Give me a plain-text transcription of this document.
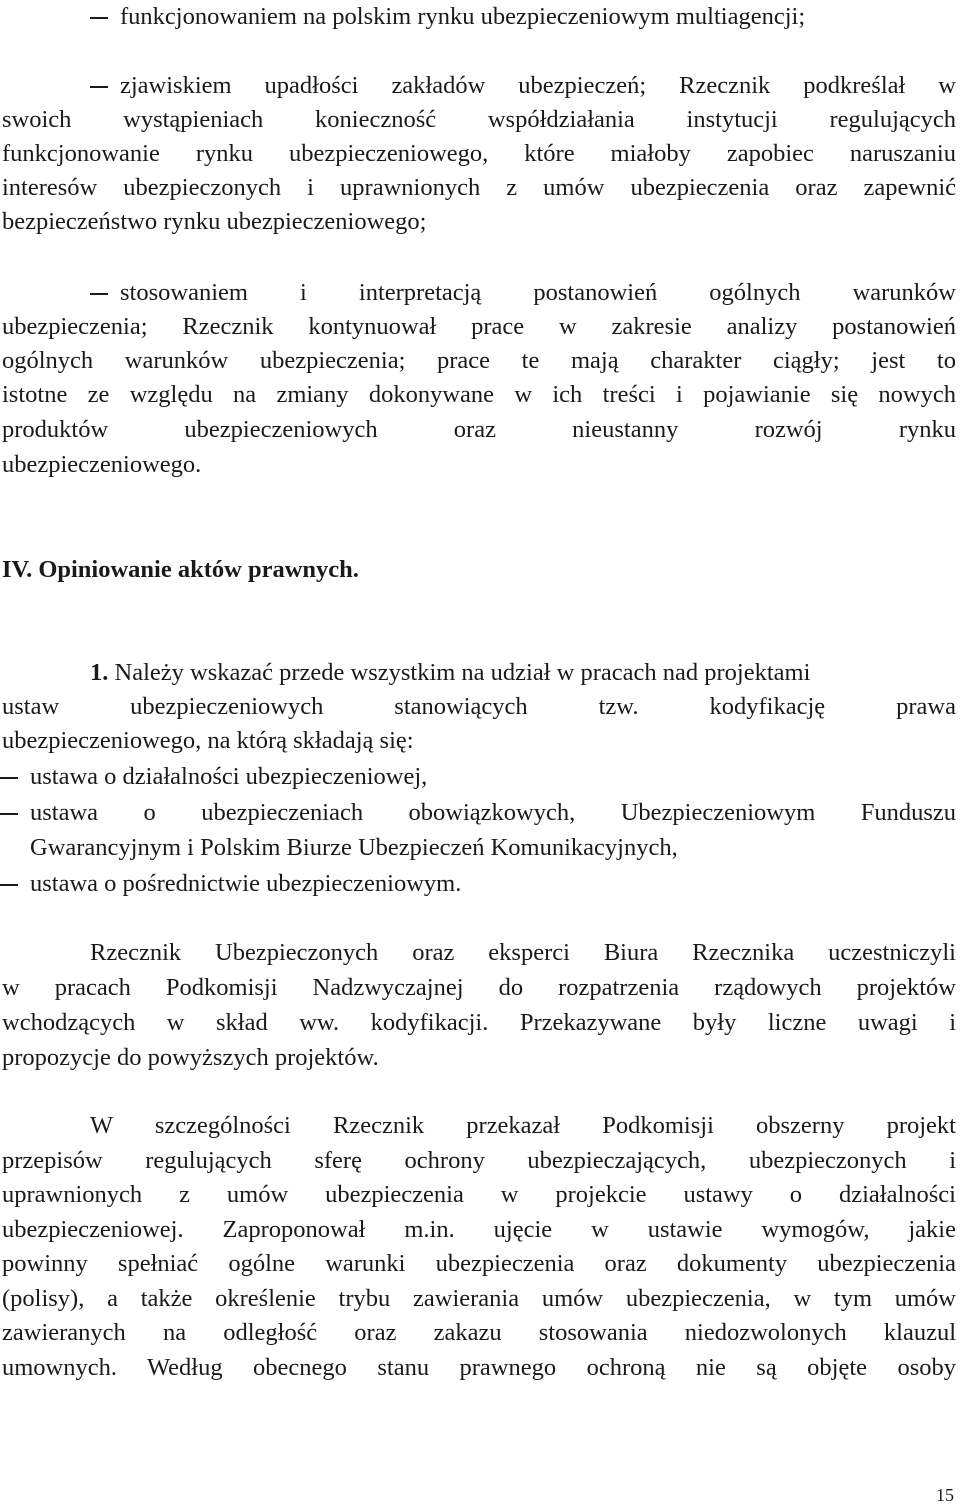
funkcjonowaniem na polskim rynku ubezpieczeniowym multiagencji;
zjawiskiem upadłości zakładów ubezpieczeń; Rzecznik podkreślał w
swoich wystąpieniach konieczność współdziałania instytucji regulujących
funkcjonowanie rynku ubezpieczeniowego, które miałoby zapobiec naruszaniu
interesów ubezpieczonych i uprawnionych z umów ubezpieczenia oraz zapewnić
bezpieczeństwo rynku ubezpieczeniowego;
stosowaniem i interpretacją postanowień ogólnych warunków
ubezpieczenia; Rzecznik kontynuował prace w zakresie analizy postanowień
ogólnych warunków ubezpieczenia; prace te mają charakter ciągły; jest to
istotne ze względu na zmiany dokonywane w ich treści i pojawianie się nowych
produktów ubezpieczeniowych oraz nieustanny rozwój rynku
ubezpieczeniowego.
IV. Opiniowanie aktów prawnych.
1. Należy wskazać przede wszystkim na udział w pracach nad projektami
ustaw ubezpieczeniowych stanowiących tzw. kodyfikację prawa
ubezpieczeniowego, na którą składają się:
ustawa o działalności ubezpieczeniowej,
ustawa o ubezpieczeniach obowiązkowych, Ubezpieczeniowym Funduszu
Gwarancyjnym i Polskim Biurze Ubezpieczeń Komunikacyjnych,
ustawa o pośrednictwie ubezpieczeniowym.
Rzecznik Ubezpieczonych oraz eksperci Biura Rzecznika uczestniczyli
w pracach Podkomisji Nadzwyczajnej do rozpatrzenia rządowych projektów
wchodzących w skład ww. kodyfikacji. Przekazywane były liczne uwagi i
propozycje do powyższych projektów.
W szczególności Rzecznik przekazał Podkomisji obszerny projekt
przepisów regulujących sferę ochrony ubezpieczających, ubezpieczonych i
uprawnionych z umów ubezpieczenia w projekcie ustawy o działalności
ubezpieczeniowej. Zaproponował m.in. ujęcie w ustawie wymogów, jakie
powinny spełniać ogólne warunki ubezpieczenia oraz dokumenty ubezpieczenia
(polisy), a także określenie trybu zawierania umów ubezpieczenia, w tym umów
zawieranych na odległość oraz zakazu stosowania niedozwolonych klauzul
umownych. Według obecnego stanu prawnego ochroną nie są objęte osoby
15
